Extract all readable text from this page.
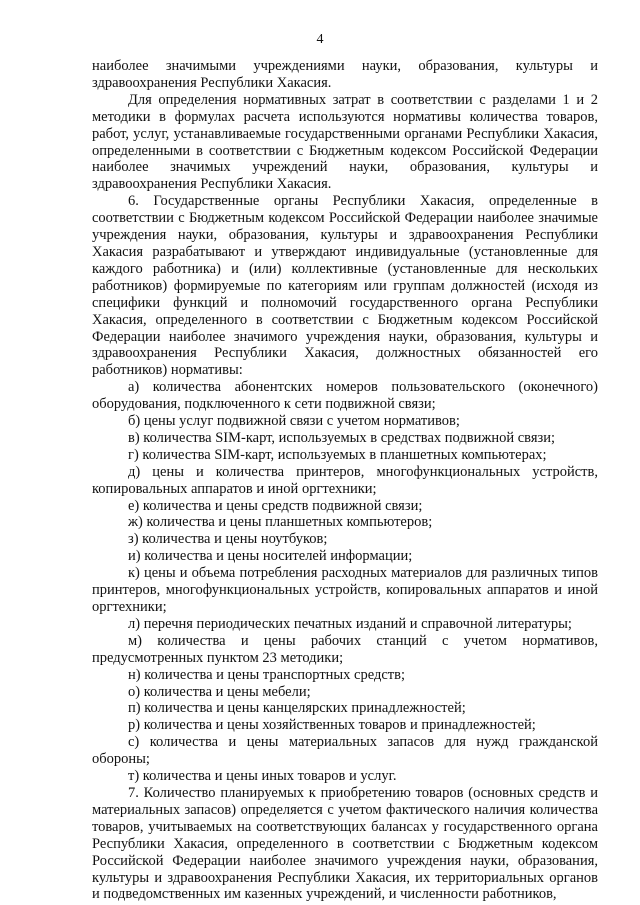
4

наиболее значимыми учреждениями науки, образования, культуры и здравоохранения Республики Хакасия.

Для определения нормативных затрат в соответствии с разделами 1 и 2 методики в формулах расчета используются нормативы количества товаров, работ, услуг, устанавливаемые государственными органами Республики Хакасия, определенными в соответствии с Бюджетным кодексом Российской Федерации наиболее значимых учреждений науки, образования, культуры и здравоохранения Республики Хакасия.

6. Государственные органы Республики Хакасия, определенные в соответствии с Бюджетным кодексом Российской Федерации наиболее значимые учреждения науки, образования, культуры и здравоохранения Республики Хакасия разрабатывают и утверждают индивидуальные (установленные для каждого работника) и (или) коллективные (установленные для нескольких работников) формируемые по категориям или группам должностей (исходя из специфики функций и полномочий государственного органа Республики Хакасия, определенного в соответствии с Бюджетным кодексом Российской Федерации наиболее значимого учреждения науки, образования, культуры и здравоохранения Республики Хакасия, должностных обязанностей его работников) нормативы:

а) количества абонентских номеров пользовательского (оконечного) оборудования, подключенного к сети подвижной связи;

б) цены услуг подвижной связи с учетом нормативов;

в) количества SIM-карт, используемых в средствах подвижной связи;

г) количества SIM-карт, используемых в планшетных компьютерах;

д) цены и количества принтеров, многофункциональных устройств, копировальных аппаратов и иной оргтехники;

е) количества и цены средств подвижной связи;

ж) количества и цены планшетных компьютеров;

з) количества и цены ноутбуков;

и) количества и цены носителей информации;

к) цены и объема потребления расходных материалов для различных типов принтеров, многофункциональных устройств, копировальных аппаратов и иной оргтехники;

л) перечня периодических печатных изданий и справочной литературы;

м) количества и цены рабочих станций с учетом нормативов, предусмотренных пунктом 23 методики;

н) количества и цены транспортных средств;

о) количества и цены мебели;

п) количества и цены канцелярских принадлежностей;

р) количества и цены хозяйственных товаров и принадлежностей;

с) количества и цены материальных запасов для нужд гражданской обороны;

т) количества и цены иных товаров и услуг.

7. Количество планируемых к приобретению товаров (основных средств и материальных запасов) определяется с учетом фактического наличия количества товаров, учитываемых на соответствующих балансах у государственного органа Республики Хакасия, определенного в соответствии с Бюджетным кодексом Российской Федерации наиболее значимого учреждения науки, образования, культуры и здравоохранения Республики Хакасия, их территориальных органов и подведомственных им казенных учреждений, и численности работников,
